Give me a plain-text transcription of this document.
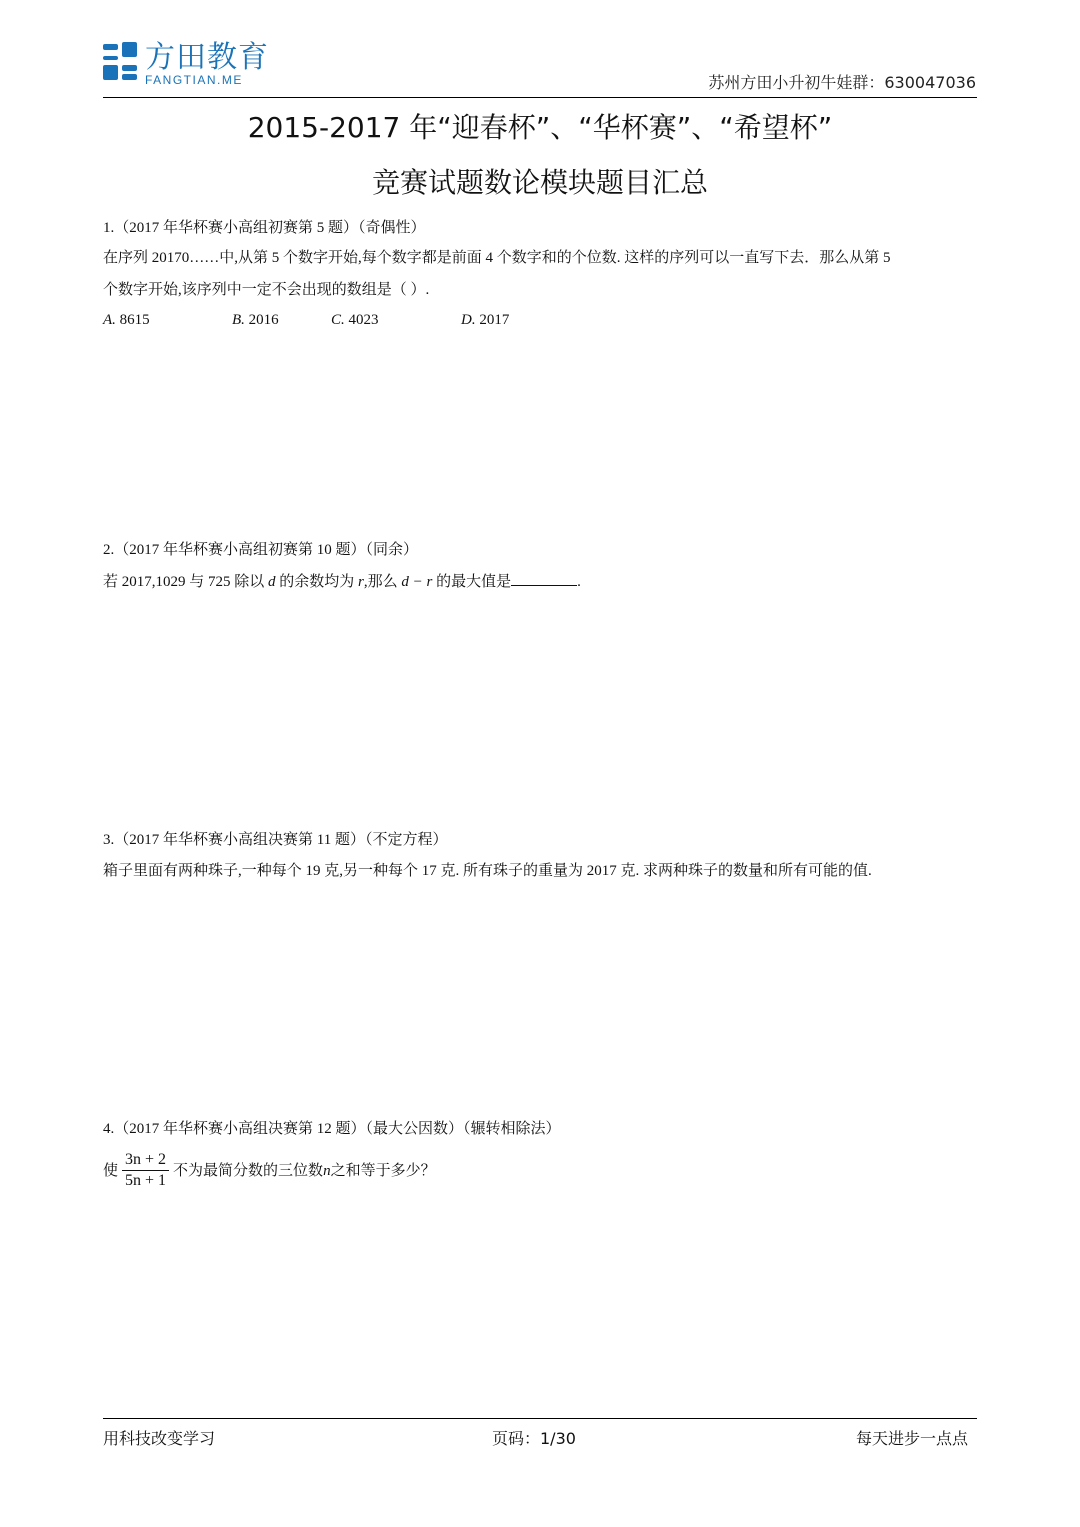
方田教育
FANGTIAN.ME	苏州方田小升初牛娃群：630047036
2015-2017 年“迎春杯”、“华杯赛”、“希望杯”
竞赛试题数论模块题目汇总
1.（2017 年华杯赛小高组初赛第 5 题）（奇偶性）
在序列 20170……中,从第 5 个数字开始,每个数字都是前面 4 个数字和的个位数. 这样的序列可以一直写下去．那么从第 5
个数字开始,该序列中一定不会出现的数组是（ ）.
A. 8615	B. 2016	C. 4023	D. 2017
2.（2017 年华杯赛小高组初赛第 10 题）（同余）
若 2017,1029 与 725 除以 d 的余数均为 r,那么 d − r 的最大值是	.
3.（2017 年华杯赛小高组决赛第 11 题）（不定方程）
箱子里面有两种珠子,一种每个 19 克,另一种每个 17 克. 所有珠子的重量为 2017 克. 求两种珠子的数量和所有可能的值.
4.（2017 年华杯赛小高组决赛第 12 题）（最大公因数）（辗转相除法）
使 $\frac{3n + 2}{5n + 1}$ 不为最简分数的三位数 n 之和等于多少？
用科技改变学习	页码：1/30	每天进步一点点
